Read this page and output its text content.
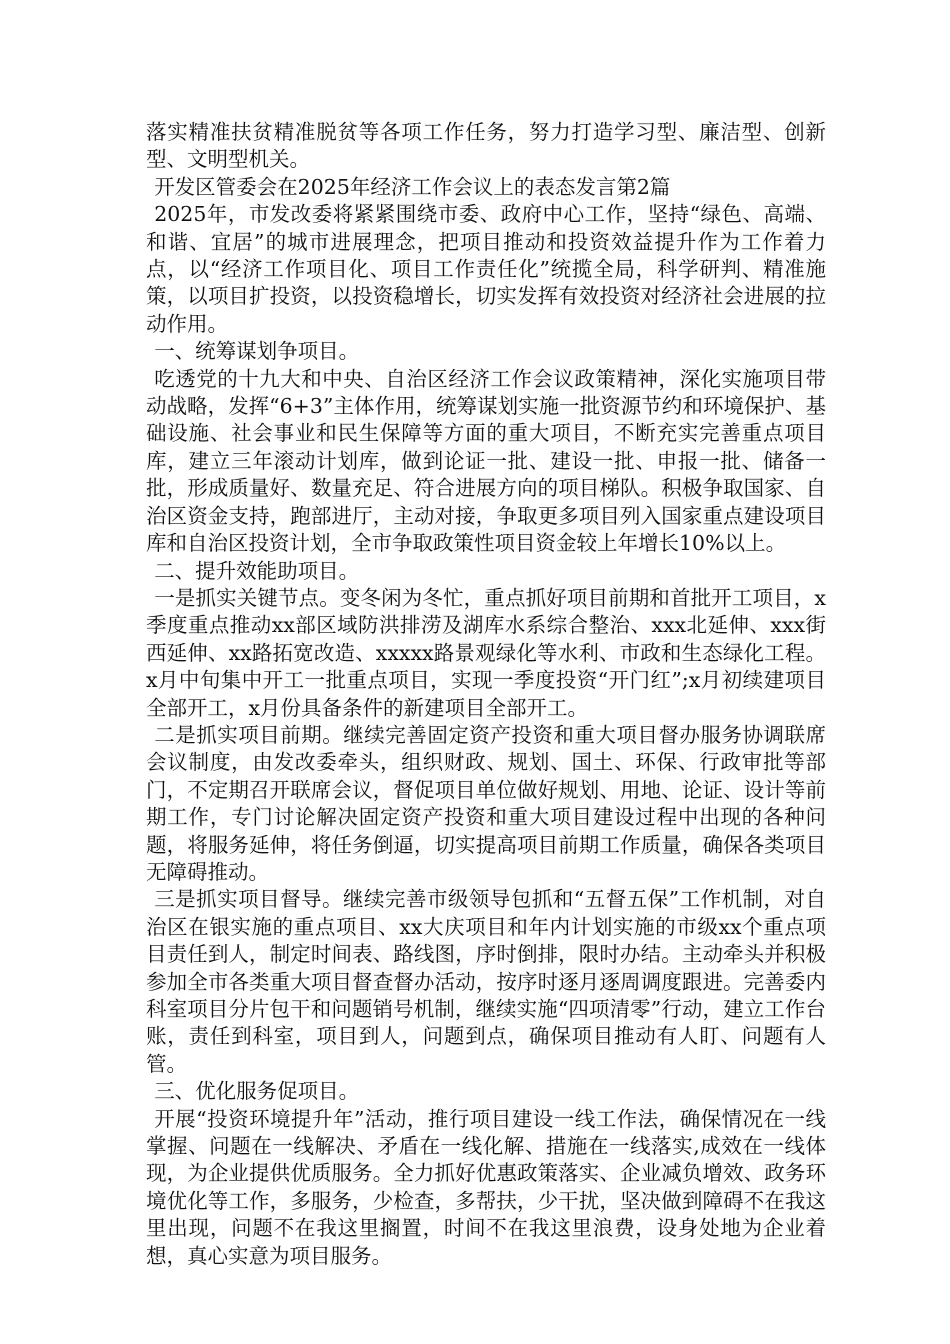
落实精准扶贫精准脱贫等各项工作任务，努力打造学习型、廉洁型、创新型、文明型机关。

开发区管委会在2025年经济工作会议上的表态发言第2篇

2025年，市发改委将紧紧围绕市委、政府中心工作，坚持“绿色、高端、和谐、宜居”的城市进展理念，把项目推动和投资效益提升作为工作着力点，以“经济工作项目化、项目工作责任化”统揽全局，科学研判、精准施策，以项目扩投资，以投资稳增长，切实发挥有效投资对经济社会进展的拉动作用。

一、统筹谋划争项目。

吃透党的十九大和中央、自治区经济工作会议政策精神，深化实施项目带动战略，发挥“6+3”主体作用，统筹谋划实施一批资源节约和环境保护、基础设施、社会事业和民生保障等方面的重大项目，不断充实完善重点项目库，建立三年滚动计划库，做到论证一批、建设一批、申报一批、储备一批，形成质量好、数量充足、符合进展方向的项目梯队。积极争取国家、自治区资金支持，跑部进厅，主动对接，争取更多项目列入国家重点建设项目库和自治区投资计划，全市争取政策性项目资金较上年增长10%以上。

二、提升效能助项目。

一是抓实关键节点。变冬闲为冬忙，重点抓好项目前期和首批开工项目，x季度重点推动xx部区域防洪排涝及湖库水系综合整治、xxx北延伸、xxx街西延伸、xx路拓宽改造、xxxxx路景观绿化等水利、市政和生态绿化工程。x月中旬集中开工一批重点项目，实现一季度投资“开门红”;x月初续建项目全部开工，x月份具备条件的新建项目全部开工。

二是抓实项目前期。继续完善固定资产投资和重大项目督办服务协调联席会议制度，由发改委牵头，组织财政、规划、国土、环保、行政审批等部门，不定期召开联席会议，督促项目单位做好规划、用地、论证、设计等前期工作，专门讨论解决固定资产投资和重大项目建设过程中出现的各种问题，将服务延伸，将任务倒逼，切实提高项目前期工作质量，确保各类项目无障碍推动。

三是抓实项目督导。继续完善市级领导包抓和“五督五保”工作机制，对自治区在银实施的重点项目、xx大庆项目和年内计划实施的市级xx个重点项目责任到人，制定时间表、路线图，序时倒排，限时办结。主动牵头并积极参加全市各类重大项目督查督办活动，按序时逐月逐周调度跟进。完善委内科室项目分片包干和问题销号机制，继续实施“四项清零”行动，建立工作台账，责任到科室，项目到人，问题到点，确保项目推动有人盯、问题有人管。

三、优化服务促项目。

开展“投资环境提升年”活动，推行项目建设一线工作法，确保情况在一线掌握、问题在一线解决、矛盾在一线化解、措施在一线落实,成效在一线体现，为企业提供优质服务。全力抓好优惠政策落实、企业减负增效、政务环境优化等工作，多服务，少检查，多帮扶，少干扰，坚决做到障碍不在我这里出现，问题不在我这里搁置，时间不在我这里浪费，设身处地为企业着想，真心实意为项目服务。
